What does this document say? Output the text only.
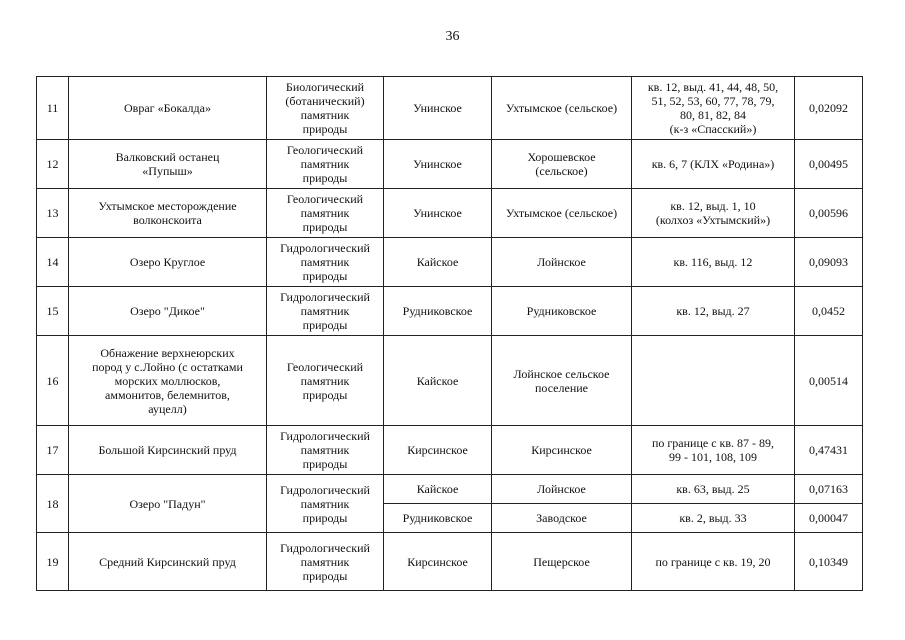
36
11	Овраг «Бокалда»	Биологический
(ботанический)
памятник
природы	Унинское	Ухтымское (сельское)	кв. 12, выд. 41, 44, 48, 50,
51, 52, 53, 60, 77, 78, 79,
80, 81, 82, 84
(к-з «Спасский»)	0,02092
12	Валковский останец
«Пупыш»	Геологический
памятник
природы	Унинское	Хорошевское
(сельское)	кв. 6, 7 (КЛХ «Родина»)	0,00495
13	Ухтымское месторождение
волконскоита	Геологический
памятник
природы	Унинское	Ухтымское (сельское)	кв. 12, выд. 1, 10
(колхоз «Ухтымский»)	0,00596
14	Озеро Круглое	Гидрологический
памятник
природы	Кайское	Лойнское	кв. 116, выд. 12	0,09093
15	Озеро "Дикое"	Гидрологический
памятник
природы	Рудниковское	Рудниковское	кв. 12, выд. 27	0,0452
16	Обнажение верхнеюрских
пород у с.Лойно (с остатками
морских моллюсков,
аммонитов, белемнитов,
ауцелл)	Геологический
памятник
природы	Кайское	Лойнское сельское
поселение		0,00514
17	Большой Кирсинский пруд	Гидрологический
памятник
природы	Кирсинское	Кирсинское	по границе с кв. 87 - 89,
99 - 101, 108, 109	0,47431
18	Озеро "Падун"	Гидрологический
памятник
природы	Кайское	Лойнское	кв. 63, выд. 25	0,07163
			Рудниковское	Заводское	кв. 2, выд. 33	0,00047
19	Средний Кирсинский пруд	Гидрологический
памятник
природы	Кирсинское	Пещерское	по границе с кв. 19, 20	0,10349
